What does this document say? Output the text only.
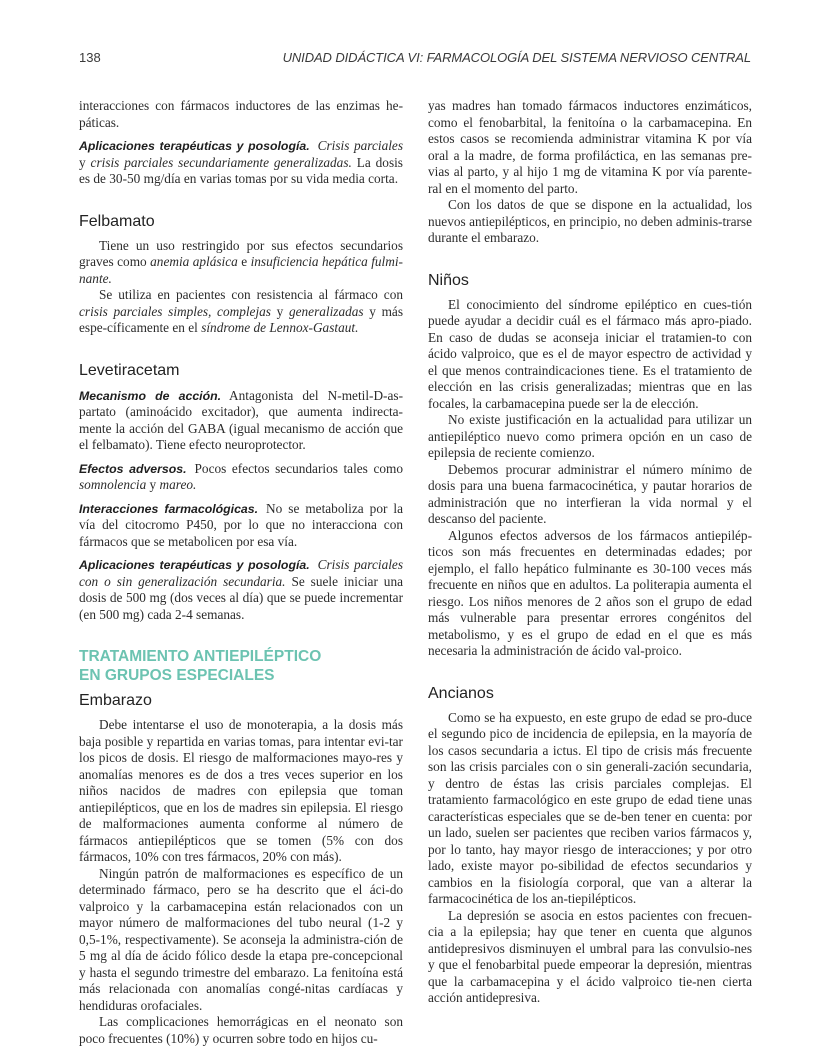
138	UNIDAD DIDÁCTICA VI: FARMACOLOGÍA DEL SISTEMA NERVIOSO CENTRAL

interacciones con fármacos inductores de las enzimas he-páticas.

Aplicaciones terapéuticas y posología. Crisis parciales y crisis parciales secundariamente generalizadas. La dosis es de 30-50 mg/día en varias tomas por su vida media corta.

Felbamato

Tiene un uso restringido por sus efectos secundarios graves como anemia aplásica e insuficiencia hepática fulmi-nante.

Se utiliza en pacientes con resistencia al fármaco con crisis parciales simples, complejas y generalizadas y más espe-cíficamente en el síndrome de Lennox-Gastaut.

Levetiracetam

Mecanismo de acción. Antagonista del N-metil-D-as-partato (aminoácido excitador), que aumenta indirecta-mente la acción del GABA (igual mecanismo de acción que el felbamato). Tiene efecto neuroprotector.

Efectos adversos. Pocos efectos secundarios tales como somnolencia y mareo.

Interacciones farmacológicas. No se metaboliza por la vía del citocromo P450, por lo que no interacciona con fármacos que se metabolicen por esa vía.

Aplicaciones terapéuticas y posología. Crisis parciales con o sin generalización secundaria. Se suele iniciar una dosis de 500 mg (dos veces al día) que se puede incrementar (en 500 mg) cada 2-4 semanas.

TRATAMIENTO ANTIEPILÉPTICO
EN GRUPOS ESPECIALES
Embarazo

Debe intentarse el uso de monoterapia, a la dosis más baja posible y repartida en varias tomas, para intentar evi-tar los picos de dosis. El riesgo de malformaciones mayo-res y anomalías menores es de dos a tres veces superior en los niños nacidos de madres con epilepsia que toman antiepilépticos, que en los de madres sin epilepsia. El riesgo de malformaciones aumenta conforme al número de fármacos antiepilépticos que se tomen (5% con dos fármacos, 10% con tres fármacos, 20% con más).

Ningún patrón de malformaciones es específico de un determinado fármaco, pero se ha descrito que el áci-do valproico y la carbamacepina están relacionados con un mayor número de malformaciones del tubo neural (1-2 y 0,5-1%, respectivamente). Se aconseja la administra-ción de 5 mg al día de ácido fólico desde la etapa pre-concepcional y hasta el segundo trimestre del embarazo. La fenitoína está más relacionada con anomalías congé-nitas cardíacas y hendiduras orofaciales.

Las complicaciones hemorrágicas en el neonato son poco frecuentes (10%) y ocurren sobre todo en hijos cu-

yas madres han tomado fármacos inductores enzimáticos, como el fenobarbital, la fenitoína o la carbamacepina. En estos casos se recomienda administrar vitamina K por vía oral a la madre, de forma profiláctica, en las semanas pre-vias al parto, y al hijo 1 mg de vitamina K por vía parente-ral en el momento del parto.

Con los datos de que se dispone en la actualidad, los nuevos antiepilépticos, en principio, no deben adminis-trarse durante el embarazo.

Niños

El conocimiento del síndrome epiléptico en cues-tión puede ayudar a decidir cuál es el fármaco más apro-piado. En caso de dudas se aconseja iniciar el tratamien-to con ácido valproico, que es el de mayor espectro de actividad y el que menos contraindicaciones tiene. Es el tratamiento de elección en las crisis generalizadas; mientras que en las focales, la carbamacepina puede ser la de elección.

No existe justificación en la actualidad para utilizar un antiepiléptico nuevo como primera opción en un caso de epilepsia de reciente comienzo.

Debemos procurar administrar el número mínimo de dosis para una buena farmacocinética, y pautar horarios de administración que no interfieran la vida normal y el descanso del paciente.

Algunos efectos adversos de los fármacos antiepilép-ticos son más frecuentes en determinadas edades; por ejemplo, el fallo hepático fulminante es 30-100 veces más frecuente en niños que en adultos. La politerapia aumenta el riesgo. Los niños menores de 2 años son el grupo de edad más vulnerable para presentar errores congénitos del metabolismo, y es el grupo de edad en el que es más necesaria la administración de ácido val-proico.

Ancianos

Como se ha expuesto, en este grupo de edad se pro-duce el segundo pico de incidencia de epilepsia, en la mayoría de los casos secundaria a ictus. El tipo de crisis más frecuente son las crisis parciales con o sin generali-zación secundaria, y dentro de éstas las crisis parciales complejas. El tratamiento farmacológico en este grupo de edad tiene unas características especiales que se de-ben tener en cuenta: por un lado, suelen ser pacientes que reciben varios fármacos y, por lo tanto, hay mayor riesgo de interacciones; y por otro lado, existe mayor po-sibilidad de efectos secundarios y cambios en la fisiología corporal, que van a alterar la farmacocinética de los an-tiepilépticos.

La depresión se asocia en estos pacientes con frecuen-cia a la epilepsia; hay que tener en cuenta que algunos antidepresivos disminuyen el umbral para las convulsio-nes y que el fenobarbital puede empeorar la depresión, mientras que la carbamacepina y el ácido valproico tie-nen cierta acción antidepresiva.
